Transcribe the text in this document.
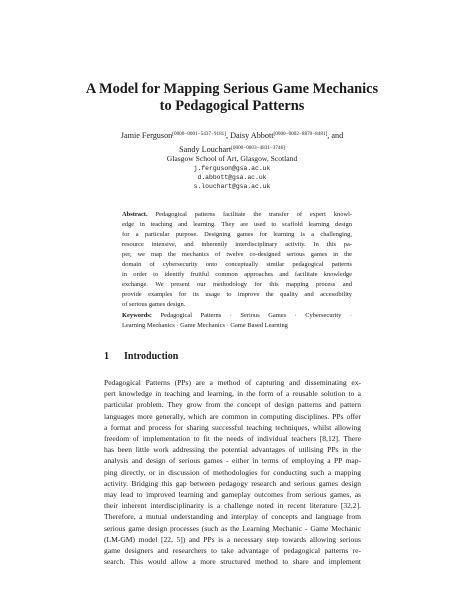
A Model for Mapping Serious Game Mechanics
to Pedagogical Patterns
Jamie Ferguson[0000−0001−5437−9181], Daisy Abbott[0000−0002−8870−8481], and
Sandy Louchart[0000−0003−4831−3746]
Glasgow School of Art, Glasgow, Scotland
j.ferguson@gsa.ac.uk
d.abbott@gsa.ac.uk
s.louchart@gsa.ac.uk
Abstract. Pedagogical patterns facilitate the transfer of expert knowl-
edge in teaching and learning. They are used to scaffold learning design
for a particular purpose. Designing games for learning is a challenging,
resource intensive, and inherently interdisciplinary activity. In this pa-
per, we map the mechanics of twelve co-designed serious games in the
domain of cybersecurity onto conceptually similar pedagogical patterns
in order to identify fruitful common approaches and facilitate knowledge
exchange. We present our methodology for this mapping process and
provide examples for its usage to improve the quality and accessibility
of serious games design.
Keywords: Pedagogical Patterns · Serious Games · Cybersecurity ·
Learning Mechanics · Game Mechanics · Game Based Learning
1 Introduction
Pedagogical Patterns (PPs) are a method of capturing and disseminating ex-
pert knowledge in teaching and learning, in the form of a reusable solution to a
particular problem. They grow from the concept of design patterns and pattern
languages more generally, which are common in computing disciplines. PPs offer
a format and process for sharing successful teaching techniques, whilst allowing
freedom of implementation to fit the needs of individual teachers [8,12]. There
has been little work addressing the potential advantages of utilising PPs in the
analysis and design of serious games - either in terms of employing a PP map-
ping directly, or in discussion of methodologies for conducting such a mapping
activity. Bridging this gap between pedagogy research and serious games design
may lead to improved learning and gameplay outcomes from serious games, as
their inherent interdisciplinarity is a challenge noted in recent literature [32,2].
Therefore, a mutual understanding and interplay of concepts and language from
serious game design processes (such as the Learning Mechanic - Game Mechanic
(LM-GM) model [22, 5]) and PPs is a necessary step towards allowing serious
game designers and researchers to take advantage of pedagogical patterns re-
search. This would allow a more structured method to share and implement
